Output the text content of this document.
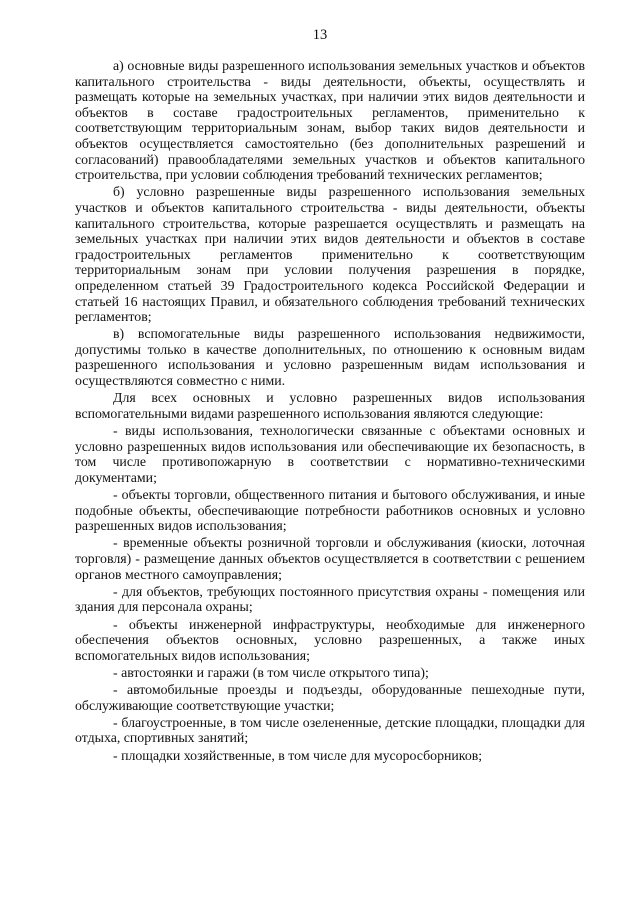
13

а) основные виды разрешенного использования земельных участков и объектов капитального строительства - виды деятельности, объекты, осуществлять и размещать которые на земельных участках, при наличии этих видов деятельности и объектов в составе градостроительных регламентов, применительно к соответствующим территориальным зонам, выбор таких видов деятельности и объектов осуществляется самостоятельно (без дополнительных разрешений и согласований) правообладателями земельных участков и объектов капитального строительства, при условии соблюдения требований технических регламентов;

б) условно разрешенные виды разрешенного использования земельных участков и объектов капитального строительства - виды деятельности, объекты капитального строительства, которые разрешается осуществлять и размещать на земельных участках при наличии этих видов деятельности и объектов в составе градостроительных регламентов применительно к соответствующим территориальным зонам при условии получения разрешения в порядке, определенном статьей 39 Градостроительного кодекса Российской Федерации и статьей 16 настоящих Правил, и обязательного соблюдения требований технических регламентов;

в) вспомогательные виды разрешенного использования недвижимости, допустимы только в качестве дополнительных, по отношению к основным видам разрешенного использования и условно разрешенным видам использования и осуществляются совместно с ними.

Для всех основных и условно разрешенных видов использования вспомогательными видами разрешенного использования являются следующие:

- виды использования, технологически связанные с объектами основных и условно разрешенных видов использования или обеспечивающие их безопасность, в том числе противопожарную в соответствии с нормативно-техническими документами;

- объекты торговли, общественного питания и бытового обслуживания, и иные подобные объекты, обеспечивающие потребности работников основных и условно разрешенных видов использования;

- временные объекты розничной торговли и обслуживания (киоски, лоточная торговля) - размещение данных объектов осуществляется в соответствии с решением органов местного самоуправления;

- для объектов, требующих постоянного присутствия охраны - помещения или здания для персонала охраны;

- объекты инженерной инфраструктуры, необходимые для инженерного обеспечения объектов основных, условно разрешенных, а также иных вспомогательных видов использования;

- автостоянки и гаражи (в том числе открытого типа);

- автомобильные проезды и подъезды, оборудованные пешеходные пути, обслуживающие соответствующие участки;

- благоустроенные, в том числе озелененные, детские площадки, площадки для отдыха, спортивных занятий;

- площадки хозяйственные, в том числе для мусоросборников;
